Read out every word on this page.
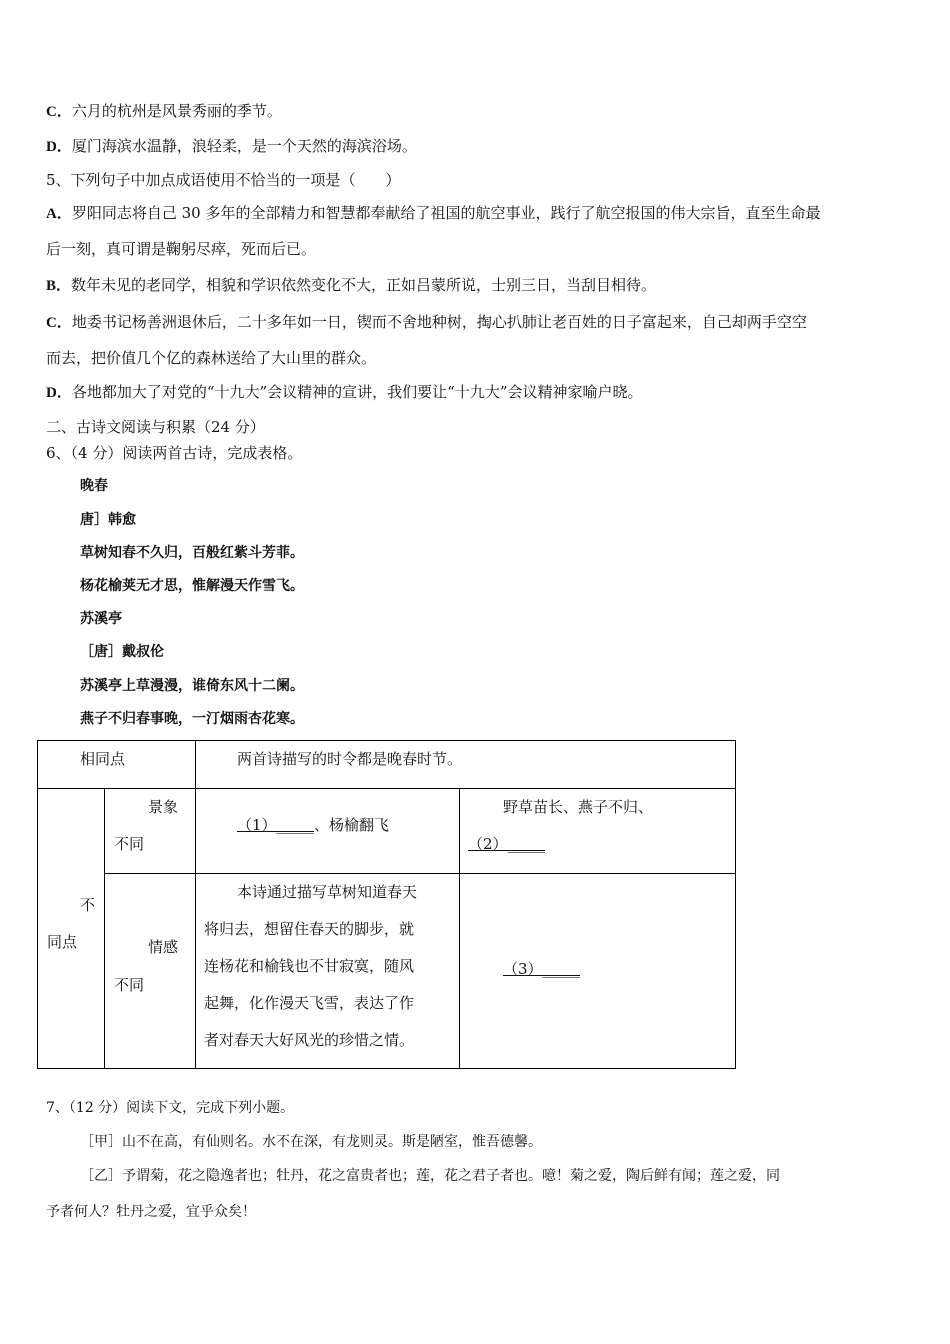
C．六月的杭州是风景秀丽的季节。
D．厦门海滨水温静，浪轻柔，是一个天然的海滨浴场。
5、下列句子中加点成语使用不恰当的一项是（　　）
A．罗阳同志将自己 30 多年的全部精力和智慧都奉献给了祖国的航空事业，践行了航空报国的伟大宗旨，直至生命最
后一刻，真可谓是鞠躬尽瘁，死而后已。
B．数年未见的老同学，相貌和学识依然变化不大，正如吕蒙所说，士别三日，当刮目相待。
C．地委书记杨善洲退休后，二十多年如一日，锲而不舍地种树，掏心扒肺让老百姓的日子富起来，自己却两手空空
而去，把价值几个亿的森林送给了大山里的群众。
D．各地都加大了对党的“十九大”会议精神的宣讲，我们要让“十九大”会议精神家喻户晓。
二、古诗文阅读与积累（24 分）
6、（4 分）阅读两首古诗，完成表格。
晚春
唐］韩愈
草树知春不久归，百般红紫斗芳菲。
杨花榆荚无才思，惟解漫天作雪飞。
苏溪亭
［唐］戴叔伦
苏溪亭上草漫漫，谁倚东风十二阑。
燕子不归春事晚，一汀烟雨杏花寒。
相同点	两首诗描写的时令都是晚春时节。
不
同点
景象
不同
（1）_____、杨榆翻飞
野草苗长、燕子不归、
（2）_____
情感
不同
本诗通过描写草树知道春天
将归去，想留住春天的脚步，就
连杨花和榆钱也不甘寂寞，随风
起舞，化作漫天飞雪，表达了作
者对春天大好风光的珍惜之情。
（3）_____
7、（12 分）阅读下文，完成下列小题。
［甲］山不在高，有仙则名。水不在深，有龙则灵。斯是陋室，惟吾德馨。
［乙］予谓菊，花之隐逸者也；牡丹，花之富贵者也；莲，花之君子者也。噫！菊之爱，陶后鲜有闻；莲之爱，同
予者何人？牡丹之爱，宜乎众矣！
